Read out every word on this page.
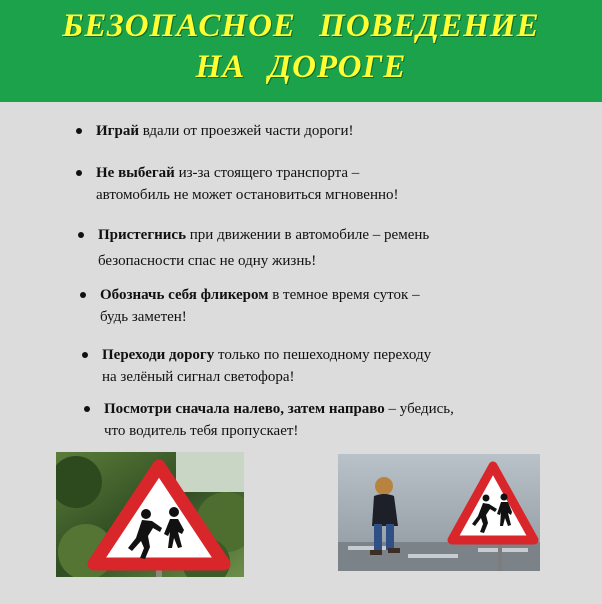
БЕЗОПАСНОЕ ПОВЕДЕНИЕ
НА ДОРОГЕ
Играй вдали от проезжей части дороги!
Не выбегай из-за стоящего транспорта –
автомобиль не может остановиться мгновенно!
Пристегнись при движении в автомобиле – ремень
безопасности спас не одну жизнь!
Обозначь себя фликером в темное время суток –
будь заметен!
Переходи дорогу только по пешеходному переходу
на зелёный сигнал светофора!
Посмотри сначала налево, затем направо – убедись,
что водитель тебя пропускает!
